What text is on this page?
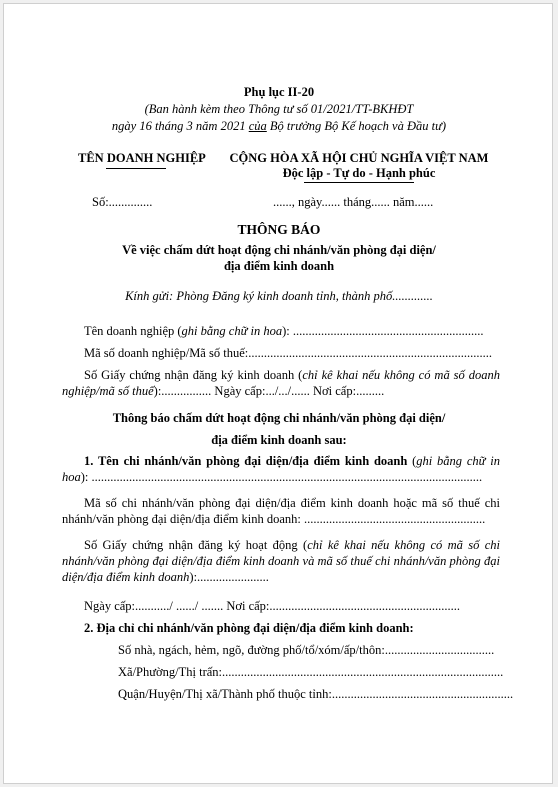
Phụ lục II-20
(Ban hành kèm theo Thông tư số 01/2021/TT-BKHĐT
ngày 16 tháng 3 năm 2021 của Bộ trưởng Bộ Kế hoạch và Đầu tư)
TÊN DOANH NGHIỆP	CỘNG HÒA XÃ HỘI CHỦ NGHĨA VIỆT NAM
Độc lập - Tự do - Hạnh phúc
Số:..............	......, ngày...... tháng...... năm......
THÔNG BÁO
Về việc chấm dứt hoạt động chi nhánh/văn phòng đại diện/
địa điểm kinh doanh
Kính gửi: Phòng Đăng ký kinh doanh tỉnh, thành phố.............
Tên doanh nghiệp (ghi bằng chữ in hoa): .............................................................
Mã số doanh nghiệp/Mã số thuế:..............................................................................
Số Giấy chứng nhận đăng ký kinh doanh (chỉ kê khai nếu không có mã số doanh nghiệp/mã số thuế):................ Ngày cấp:.../.../...... Nơi cấp:.........
Thông báo chấm dứt hoạt động chi nhánh/văn phòng đại diện/
địa điểm kinh doanh sau:
1. Tên chi nhánh/văn phòng đại diện/địa điểm kinh doanh (ghi bằng chữ in hoa): .............................................................................................................................
Mã số chi nhánh/văn phòng đại diện/địa điểm kinh doanh hoặc mã số thuế chi nhánh/văn phòng đại diện/địa điểm kinh doanh: ..........................................................
Số Giấy chứng nhận đăng ký hoạt động (chỉ kê khai nếu không có mã số chi nhánh/văn phòng đại diện/địa điểm kinh doanh và mã số thuế chi nhánh/văn phòng đại diện/địa điểm kinh doanh):.......................
Ngày cấp:.........../ ....../ ....... Nơi cấp:.............................................................
2. Địa chỉ chi nhánh/văn phòng đại diện/địa điểm kinh doanh:
Số nhà, ngách, hẻm, ngõ, đường phố/tổ/xóm/ấp/thôn:...................................
Xã/Phường/Thị trấn:..........................................................................................
Quận/Huyện/Thị xã/Thành phố thuộc tỉnh:..........................................................
